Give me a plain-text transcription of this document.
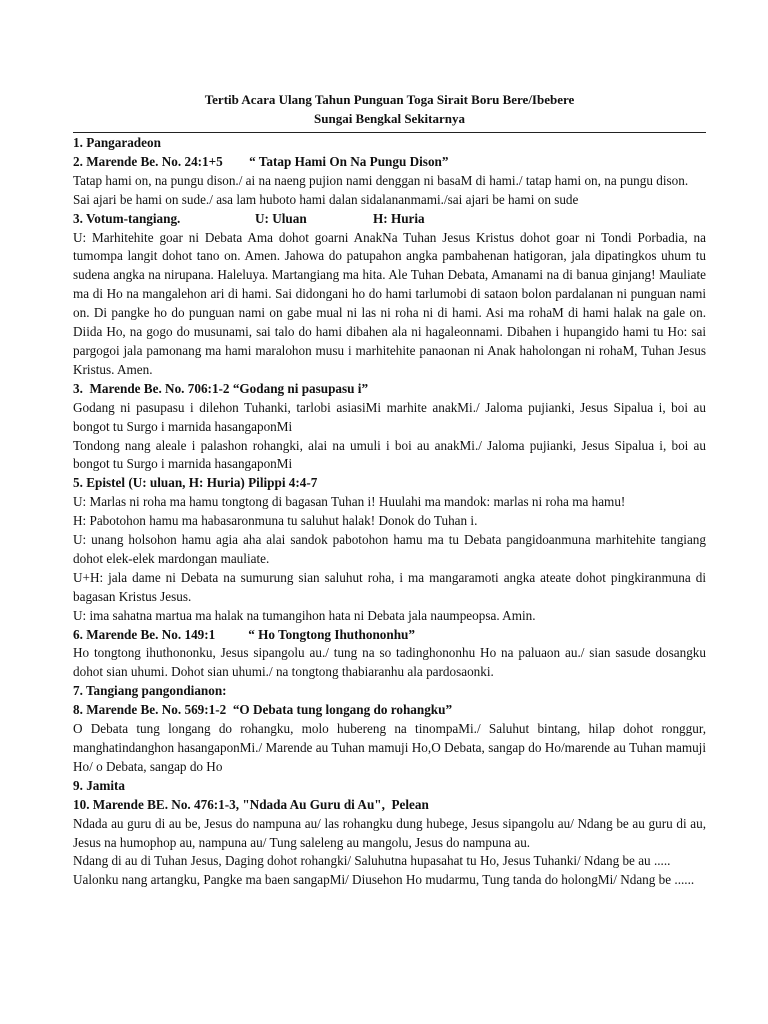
Tertib Acara Ulang Tahun Punguan Toga Sirait Boru Bere/Ibebere
Sungai Bengkal Sekitarnya
1. Pangaradeon
2. Marende Be. No. 24:1+5        “ Tatap Hami On Na Pungu Dison”
Tatap hami on, na pungu dison./ ai na naeng pujion nami denggan ni basaM di hami./ tatap hami on, na pungu dison.
Sai ajari be hami on sude./ asa lam huboto hami dalan sidalananmami./sai ajari be hami on sude
3. Votum-tangiang.	U: Uluan	H: Huria
U: Marhitehite goar ni Debata Ama dohot goarni AnakNa Tuhan Jesus Kristus dohot goar ni Tondi Porbadia, na tumompa langit dohot tano on. Amen. Jahowa do patupahon angka pambahenan hatigoran, jala dipatingkos uhum tu sudena angka na nirupana. Haleluya. Martangiang ma hita. Ale Tuhan Debata, Amanami na di banua ginjang! Mauliate ma di Ho na mangalehon ari di hami. Sai didongani ho do hami tarlumobi di sataon bolon pardalanan ni punguan nami on. Di pangke ho do punguan nami on gabe mual ni las ni roha ni di hami. Asi ma rohaM di hami halak na gale on. Diida Ho, na gogo do musunami, sai talo do hami dibahen ala ni hagaleonnami. Dibahen i hupangido hami tu Ho: sai pargogoi jala pamonang ma hami maralohon musu i marhitehite panaonan ni Anak haholongan ni rohaM, Tuhan Jesus Kristus. Amen.
3.  Marende Be. No. 706:1-2 “Godang ni pasupasu i”
Godang ni pasupasu i dilehon Tuhanki, tarlobi asiasiMi marhite anakMi./ Jaloma pujianki, Jesus Sipalua i, boi au bongot tu Surgo i marnida hasangaponMi
Tondong nang aleale i palashon rohangki, alai na umuli i boi au anakMi./ Jaloma pujianki, Jesus Sipalua i, boi au bongot tu Surgo i marnida hasangaponMi
5. Epistel (U: uluan, H: Huria) Pilippi 4:4-7
U: Marlas ni roha ma hamu tongtong di bagasan Tuhan i! Huulahi ma mandok: marlas ni roha ma hamu!
H: Pabotohon hamu ma habasaronmuna tu saluhut halak! Donok do Tuhan i.
U: unang holsohon hamu agia aha alai sandok pabotohon hamu ma tu Debata pangidoanmuna marhitehite tangiang dohot elek-elek mardongan mauliate.
U+H: jala dame ni Debata na sumurung sian saluhut roha, i ma mangaramoti angka ateate dohot pingkiranmuna di bagasan Kristus Jesus.
U: ima sahatna martua ma halak na tumangihon hata ni Debata jala naumpeopsa. Amin.
6. Marende Be. No. 149:1          “ Ho Tongtong Ihuthononhu”
Ho tongtong ihuthononku, Jesus sipangolu au./ tung na so tadinghononhu Ho na paluaon au./ sian sasude dosangku dohot sian uhumi. Dohot sian uhumi./ na tongtong thabiaranhu ala pardosaonki.
7. Tangiang pangondianon:
8. Marende Be. No. 569:1-2  “O Debata tung longang do rohangku”
O Debata tung longang do rohangku, molo hubereng na tinompaMi./ Saluhut bintang, hilap dohot ronggur, manghatindanghon hasangaponMi./ Marende au Tuhan mamuji Ho,O Debata, sangap do Ho/marende au Tuhan mamuji Ho/ o Debata, sangap do Ho
9. Jamita
10. Marende BE. No. 476:1-3, "Ndada Au Guru di Au",  Pelean
Ndada au guru di au be, Jesus do nampuna au/ las rohangku dung hubege, Jesus sipangolu au/ Ndang be au guru di au, Jesus na humophop au, nampuna au/ Tung saleleng au mangolu, Jesus do nampuna au.
Ndang di au di Tuhan Jesus, Daging dohot rohangki/ Saluhutna hupasahat tu Ho, Jesus Tuhanki/ Ndang be au .....
Ualonku nang artangku, Pangke ma baen sangapMi/ Diusehon Ho mudarmu, Tung tanda do holongMi/ Ndang be ......
